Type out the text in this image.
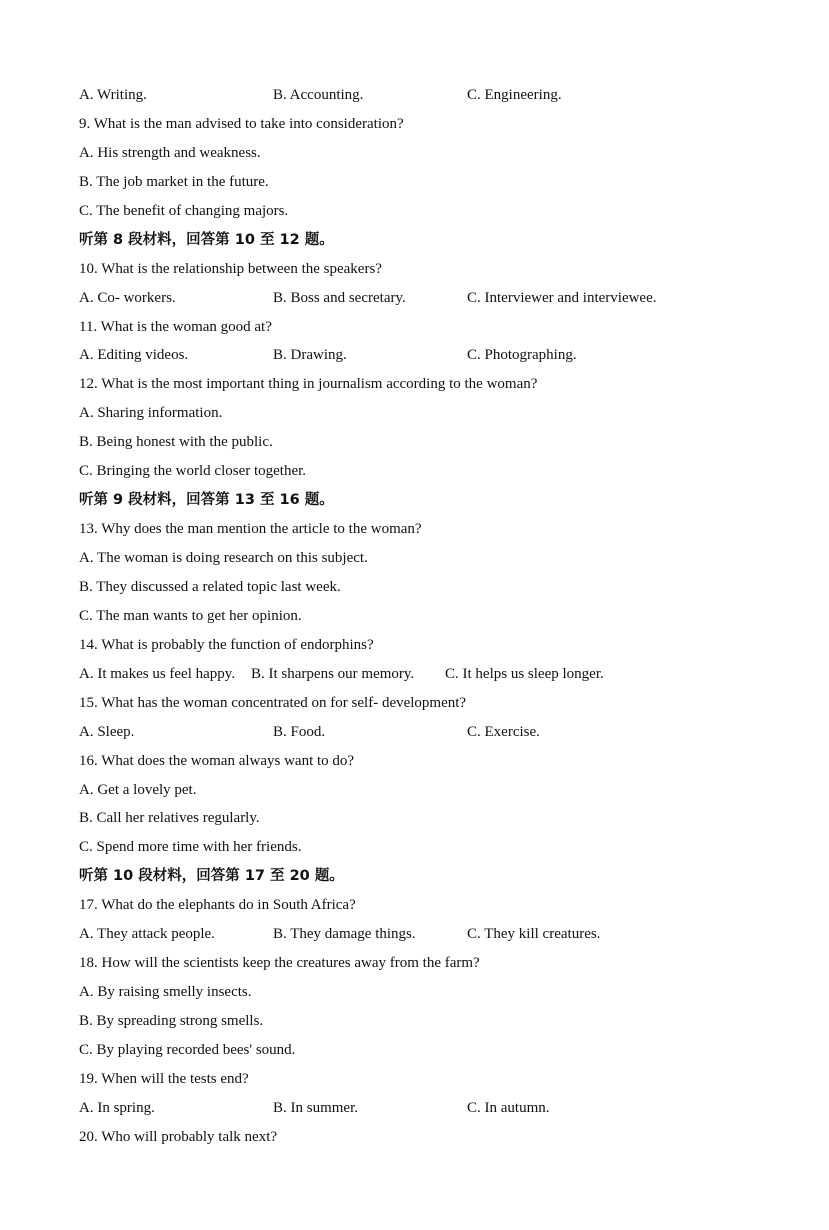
A. Writing.	B. Accounting.	C. Engineering.
9. What is the man advised to take into consideration?
A. His strength and weakness.
B. The job market in the future.
C. The benefit of changing majors.
听第 8 段材料，回答第 10 至 12 题。
10. What is the relationship between the speakers?
A. Co- workers.	B. Boss and secretary.	C. Interviewer and interviewee.
11. What is the woman good at?
A. Editing videos.	B. Drawing.	C. Photographing.
12. What is the most important thing in journalism according to the woman?
A. Sharing information.
B. Being honest with the public.
C. Bringing the world closer together.
听第 9 段材料，回答第 13 至 16 题。
13. Why does the man mention the article to the woman?
A. The woman is doing research on this subject.
B. They discussed a related topic last week.
C. The man wants to get her opinion.
14. What is probably the function of endorphins?
A. It makes us feel happy.	B. It sharpens our memory.	C. It helps us sleep longer.
15. What has the woman concentrated on for self- development?
A. Sleep.	B. Food.	C. Exercise.
16. What does the woman always want to do?
A. Get a lovely pet.
B. Call her relatives regularly.
C. Spend more time with her friends.
听第 10 段材料，回答第 17 至 20 题。
17. What do the elephants do in South Africa?
A. They attack people.	B. They damage things.	C. They kill creatures.
18. How will the scientists keep the creatures away from the farm?
A. By raising smelly insects.
B. By spreading strong smells.
C. By playing recorded bees' sound.
19. When will the tests end?
A. In spring.	B. In summer.	C. In autumn.
20. Who will probably talk next?
